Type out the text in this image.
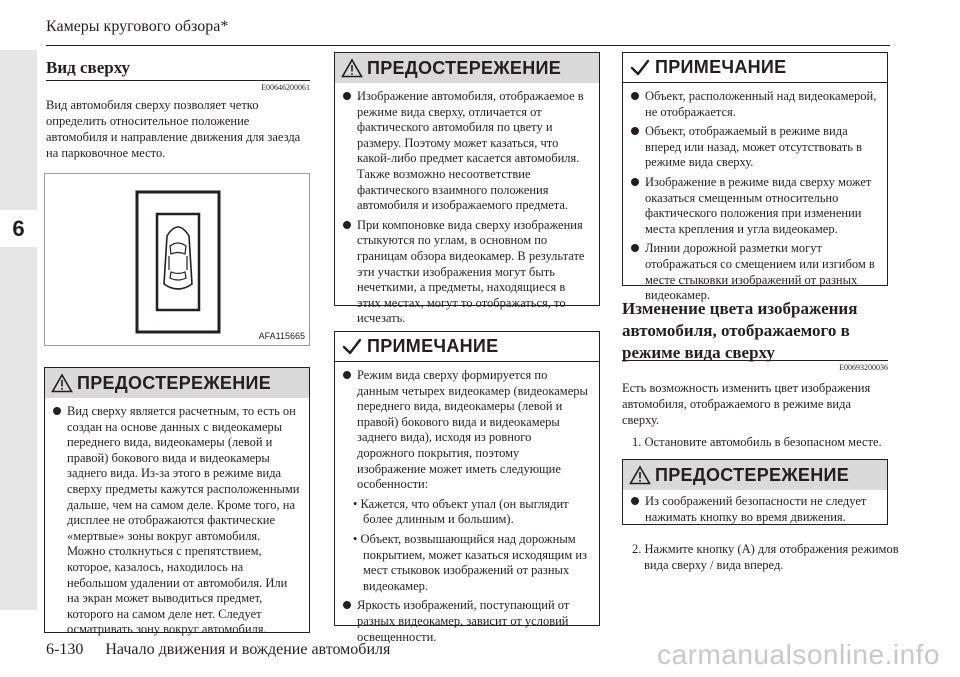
6
Камеры кругового обзора*
Вид сверху
E00646200061
Вид автомобиля сверху позволяет четко определить относительное положение автомобиля и направление движения для заезда на парковочное место.
AFA115665
ПРЕДОСТЕРЕЖЕНИЕ
Вид сверху является расчетным, то есть он создан на основе данных с видеокамеры переднего вида, видеокамеры (левой и правой) бокового вида и видеокамеры заднего вида. Из-за этого в режиме вида сверху предметы кажутся расположенными дальше, чем на самом деле. Кроме того, на дисплее не отображаются фактические «мертвые» зоны вокруг автомобиля. Можно столкнуться с препятствием, которое, казалось, находилось на небольшом удалении от автомобиля. Или на экран может выводиться предмет, которого на самом деле нет. Следует осматривать зону вокруг автомобиля.
ПРЕДОСТЕРЕЖЕНИЕ
Изображение автомобиля, отображаемое в режиме вида сверху, отличается от фактического автомобиля по цвету и размеру. Поэтому может казаться, что какой-либо предмет касается автомобиля. Также возможно несоответствие фактического взаимного положения автомобиля и изображаемого предмета.
При компоновке вида сверху изображения стыкуются по углам, в основном по границам обзора видеокамер. В результате эти участки изображения могут быть нечеткими, а предметы, находящиеся в этих местах, могут то отображаться, то исчезать.
ПРИМЕЧАНИЕ
Режим вида сверху формируется по данным четырех видеокамер (видеокамеры переднего вида, видеокамеры (левой и правой) бокового вида и видеокамеры заднего вида), исходя из ровного дорожного покрытия, поэтому изображение может иметь следующие особенности:
• Кажется, что объект упал (он выглядит более длинным и большим).
• Объект, возвышающийся над дорожным покрытием, может казаться исходящим из мест стыковок изображений от разных видеокамер.
Яркость изображений, поступающий от разных видеокамер, зависит от условий освещенности.
ПРИМЕЧАНИЕ
Объект, расположенный над видеокамерой, не отображается.
Объект, отображаемый в режиме вида вперед или назад, может отсутствовать в режиме вида сверху.
Изображение в режиме вида сверху может оказаться смещенным относительно фактического положения при изменении места крепления и угла видеокамер.
Линии дорожной разметки могут отображаться со смещением или изгибом в месте стыковки изображений от разных видеокамер.
Изменение цвета изображения автомобиля, отображаемого в режиме вида сверху
E00693200036
Есть возможность изменить цвет изображения автомобиля, отображаемого в режиме вида сверху.
1. Остановите автомобиль в безопасном месте.
ПРЕДОСТЕРЕЖЕНИЕ
Из соображений безопасности не следует нажимать кнопку во время движения.
2. Нажмите кнопку (A) для отображения режимов вида сверху / вида вперед.
6-130 Начало движения и вождение автомобиля	carmanualsonline.info
